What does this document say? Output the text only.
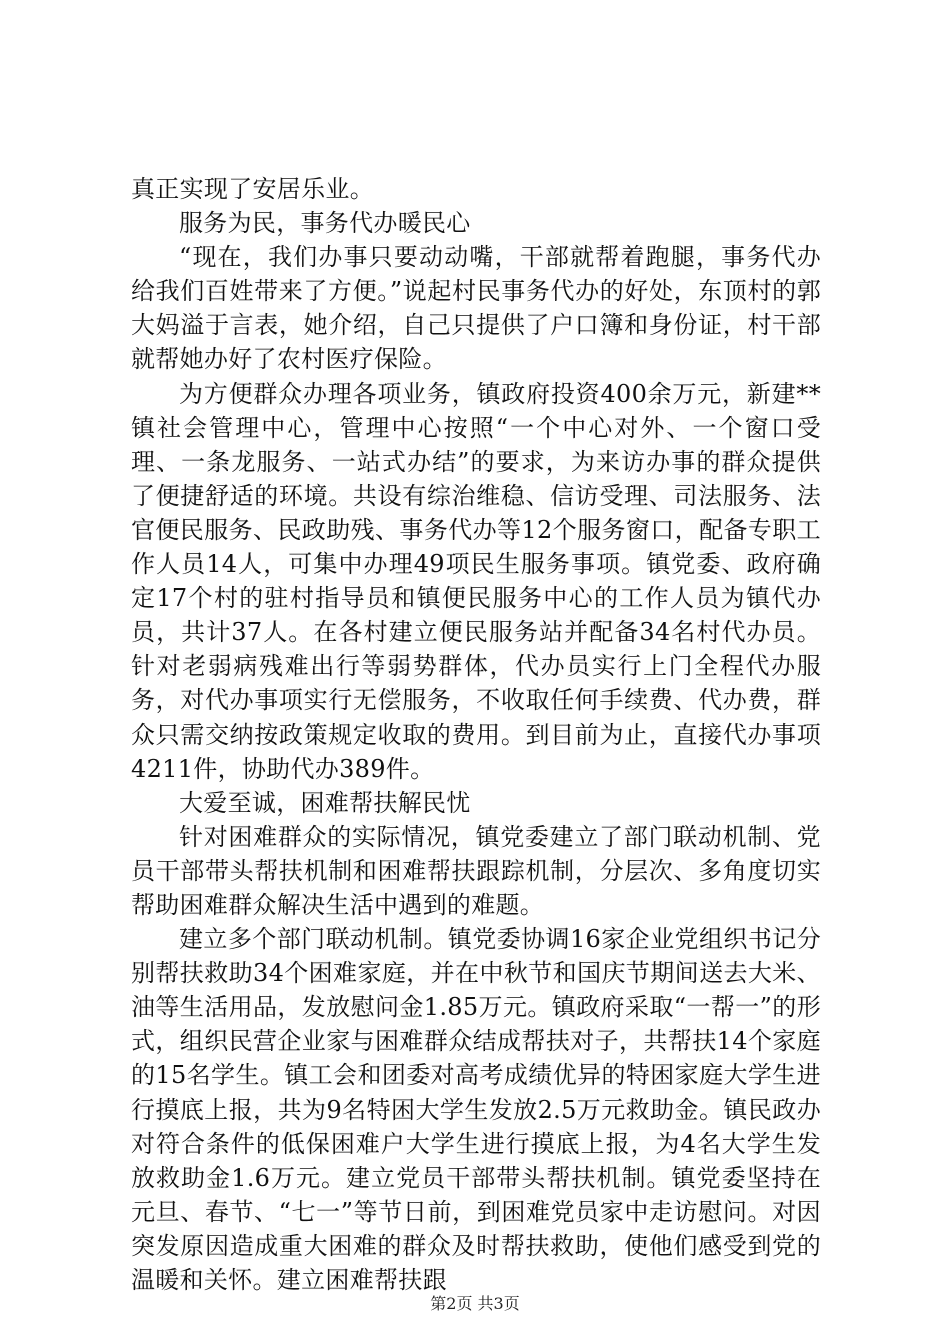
真正实现了安居乐业。

服务为民，事务代办暖民心

“现在，我们办事只要动动嘴，干部就帮着跑腿，事务代办给我们百姓带来了方便。”说起村民事务代办的好处，东顶村的郭大妈溢于言表，她介绍，自己只提供了户口簿和身份证，村干部就帮她办好了农村医疗保险。

为方便群众办理各项业务，镇政府投资400余万元，新建**镇社会管理中心，管理中心按照“一个中心对外、一个窗口受理、一条龙服务、一站式办结”的要求，为来访办事的群众提供了便捷舒适的环境。共设有综治维稳、信访受理、司法服务、法官便民服务、民政助残、事务代办等12个服务窗口，配备专职工作人员14人，可集中办理49项民生服务事项。镇党委、政府确定17个村的驻村指导员和镇便民服务中心的工作人员为镇代办员，共计37人。在各村建立便民服务站并配备34名村代办员。针对老弱病残难出行等弱势群体，代办员实行上门全程代办服务，对代办事项实行无偿服务，不收取任何手续费、代办费，群众只需交纳按政策规定收取的费用。到目前为止，直接代办事项4211件，协助代办389件。

大爱至诚，困难帮扶解民忧

针对困难群众的实际情况，镇党委建立了部门联动机制、党员干部带头帮扶机制和困难帮扶跟踪机制，分层次、多角度切实帮助困难群众解决生活中遇到的难题。

建立多个部门联动机制。镇党委协调16家企业党组织书记分别帮扶救助34个困难家庭，并在中秋节和国庆节期间送去大米、油等生活用品，发放慰问金1.85万元。镇政府采取“一帮一”的形式，组织民营企业家与困难群众结成帮扶对子，共帮扶14个家庭的15名学生。镇工会和团委对高考成绩优异的特困家庭大学生进行摸底上报，共为9名特困大学生发放2.5万元救助金。镇民政办对符合条件的低保困难户大学生进行摸底上报，为4名大学生发放救助金1.6万元。建立党员干部带头帮扶机制。镇党委坚持在元旦、春节、“七一”等节日前，到困难党员家中走访慰问。对因突发原因造成重大困难的群众及时帮扶救助，使他们感受到党的温暖和关怀。建立困难帮扶跟

第2页 共3页
